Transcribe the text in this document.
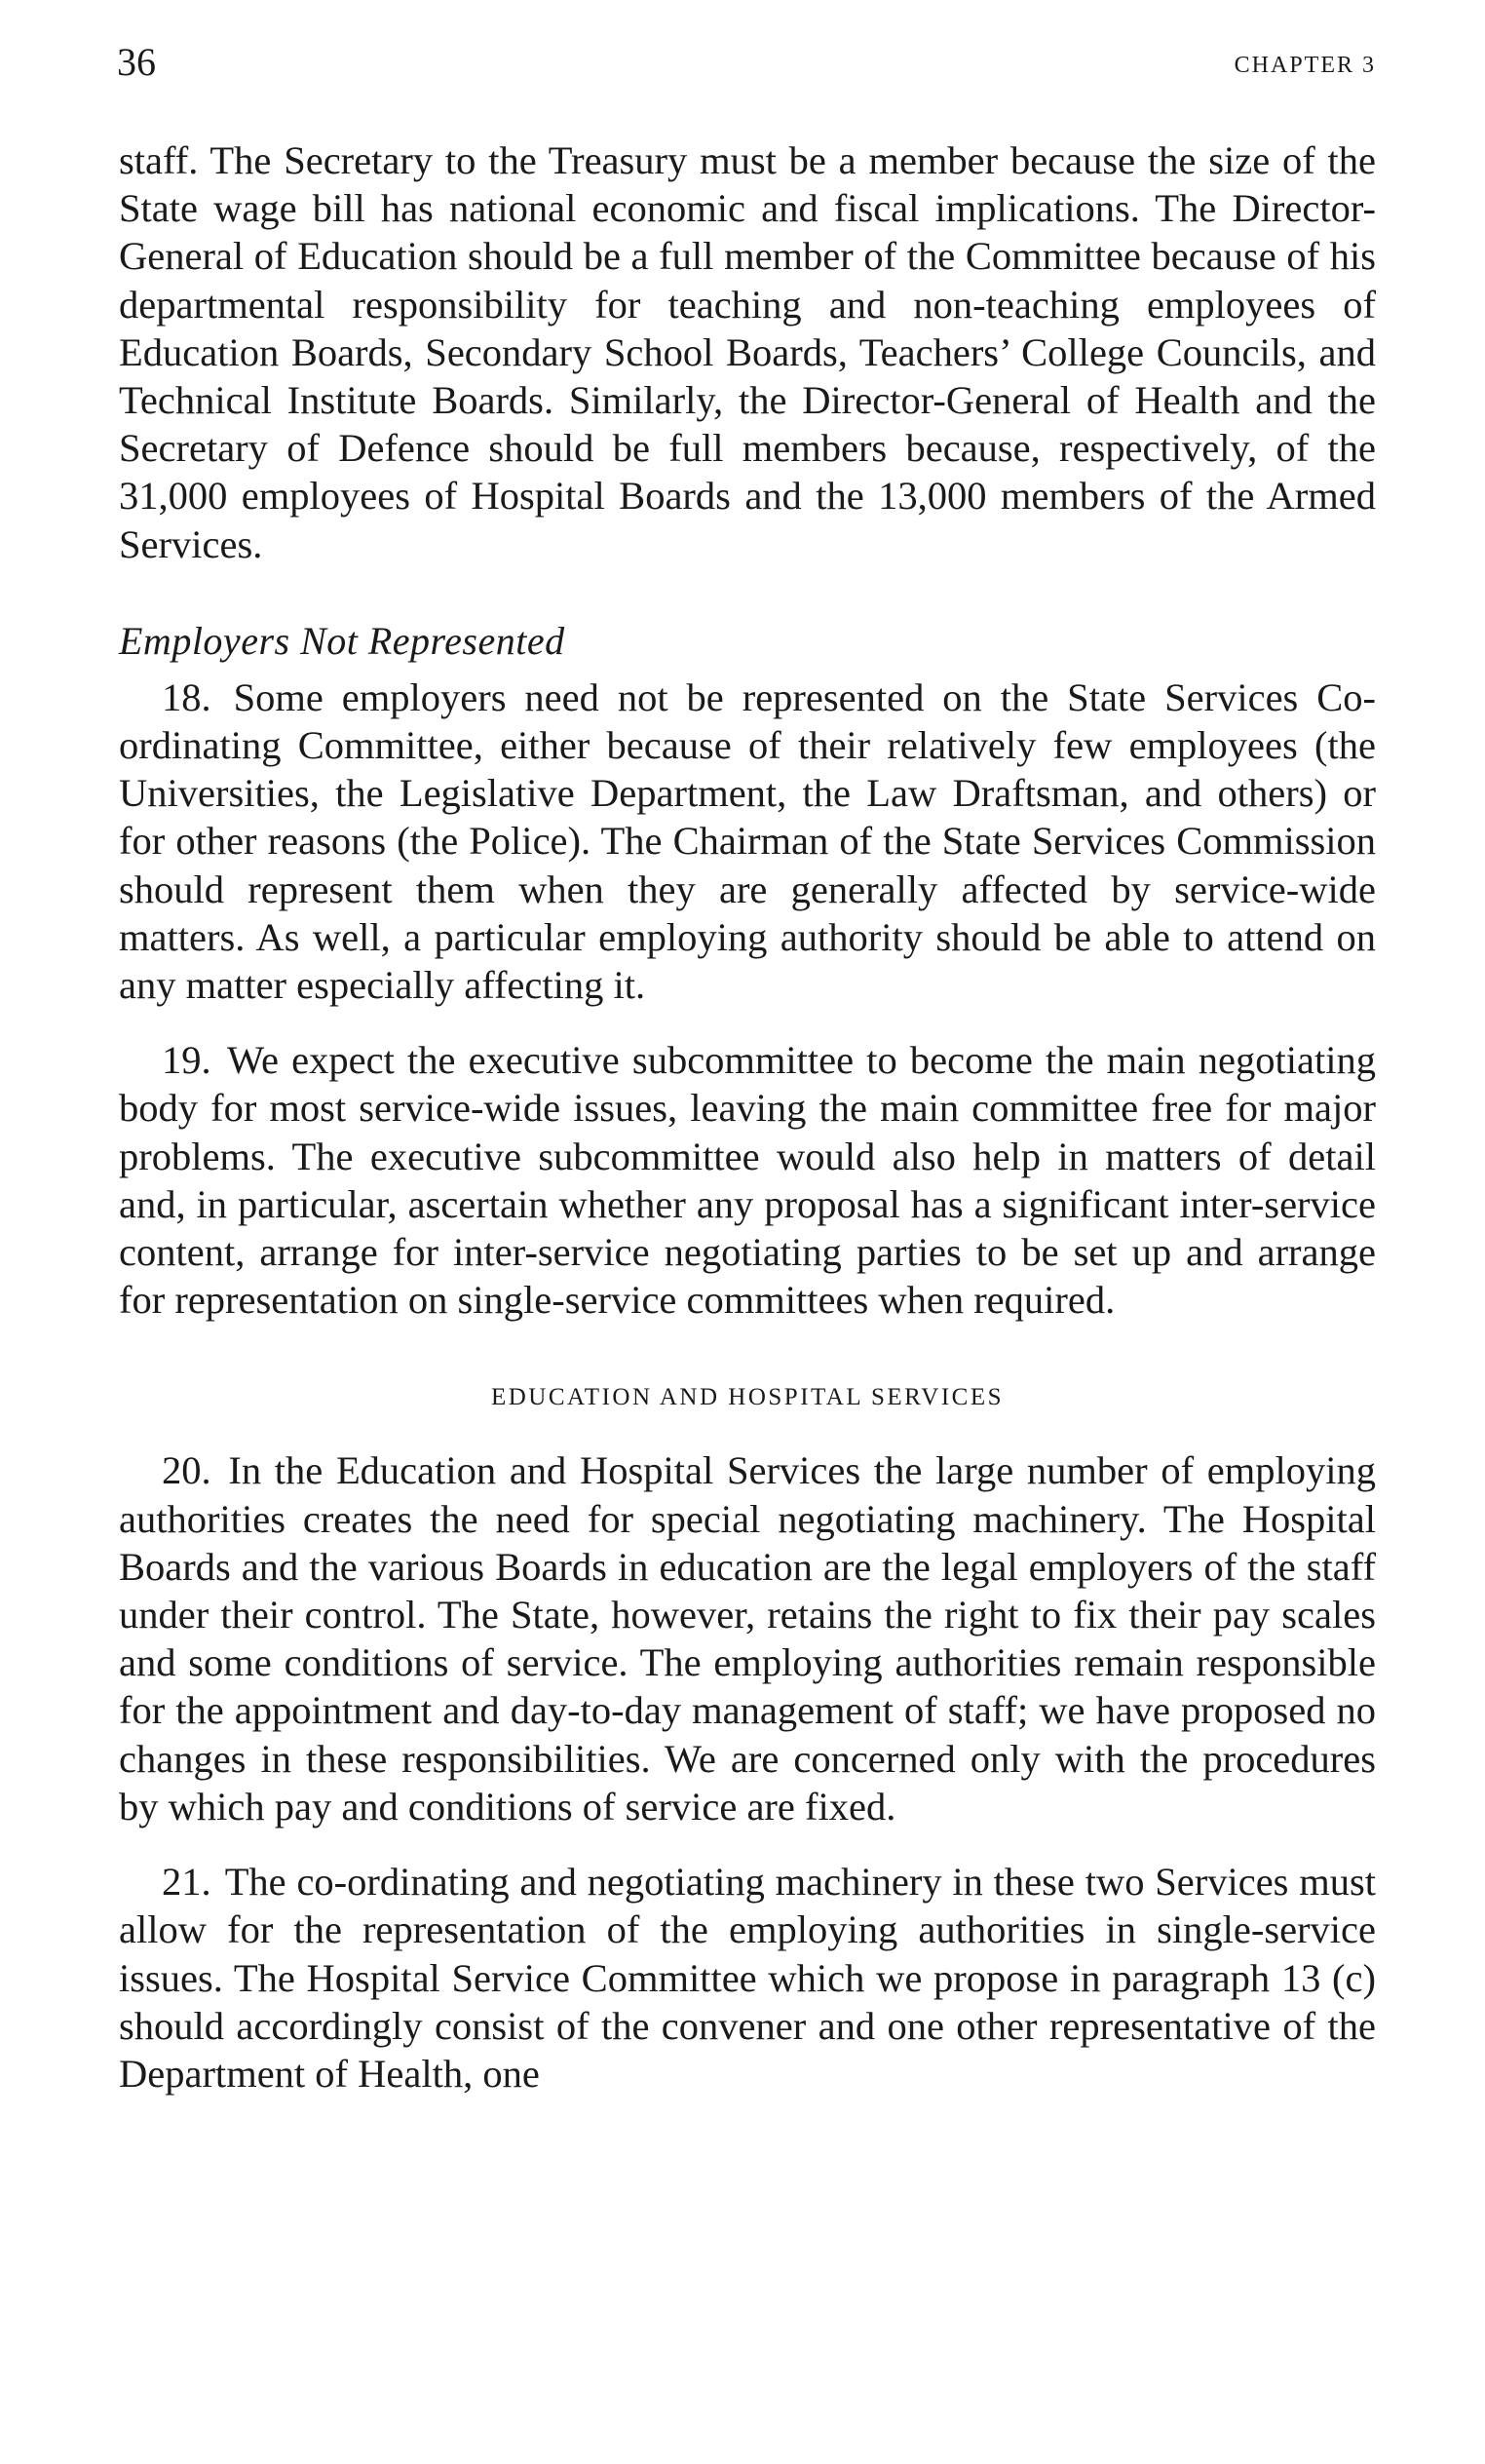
36	CHAPTER 3

staff. The Secretary to the Treasury must be a member because the size of the State wage bill has national economic and fiscal implications. The Director-General of Education should be a full member of the Committee because of his departmental responsibility for teaching and non-teaching employees of Education Boards, Secondary School Boards, Teachers’ College Councils, and Technical Institute Boards. Similarly, the Director-General of Health and the Secretary of Defence should be full members because, respectively, of the 31,000 employees of Hospital Boards and the 13,000 members of the Armed Services.

Employers Not Represented

18. Some employers need not be represented on the State Services Co-ordinating Committee, either because of their relatively few employees (the Universities, the Legislative Department, the Law Draftsman, and others) or for other reasons (the Police). The Chairman of the State Services Commission should represent them when they are generally affected by service-wide matters. As well, a particular employing authority should be able to attend on any matter especially affecting it.

19. We expect the executive subcommittee to become the main negotiating body for most service-wide issues, leaving the main committee free for major problems. The executive subcommittee would also help in matters of detail and, in particular, ascertain whether any proposal has a significant inter-service content, arrange for inter-service negotiating parties to be set up and arrange for representation on single-service committees when required.

EDUCATION AND HOSPITAL SERVICES

20. In the Education and Hospital Services the large number of employing authorities creates the need for special negotiating machinery. The Hospital Boards and the various Boards in education are the legal employers of the staff under their control. The State, however, retains the right to fix their pay scales and some conditions of service. The employing authorities remain responsible for the appointment and day-to-day management of staff; we have proposed no changes in these responsibilities. We are concerned only with the procedures by which pay and conditions of service are fixed.

21. The co-ordinating and negotiating machinery in these two Services must allow for the representation of the employing authorities in single-service issues. The Hospital Service Committee which we propose in paragraph 13 (c) should accordingly consist of the convener and one other representative of the Department of Health, one
